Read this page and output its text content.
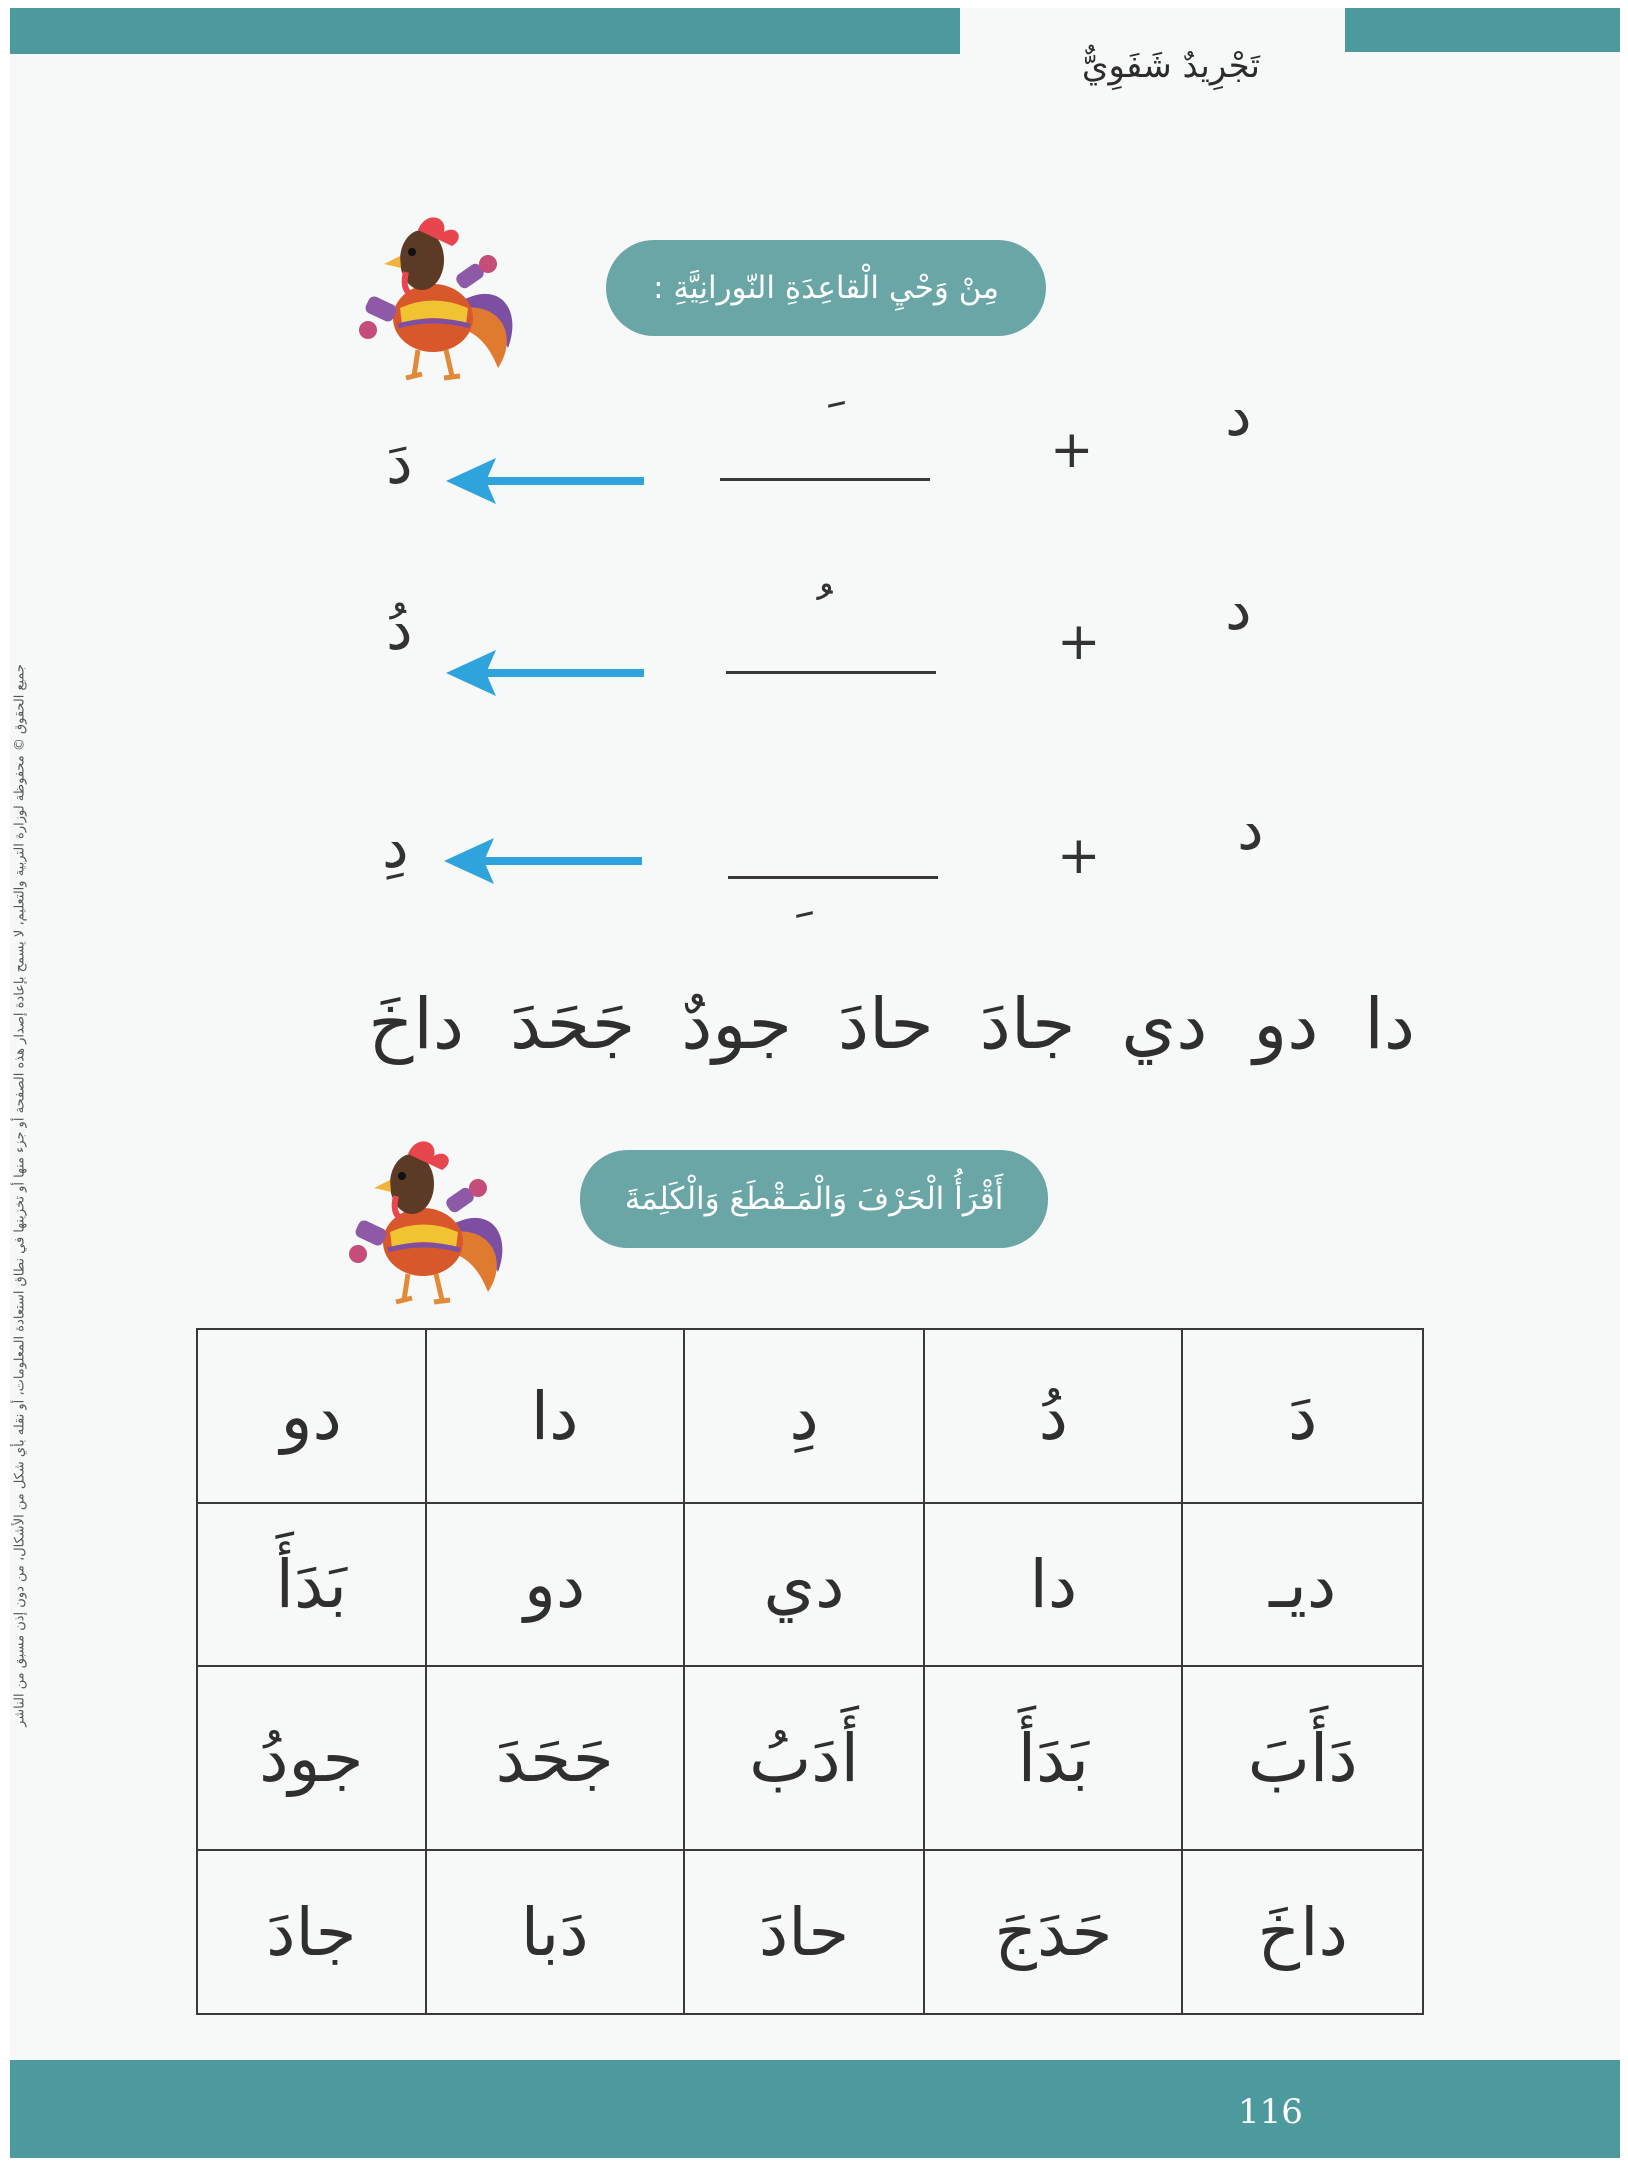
تَجْرِيدٌ شَفَوِيٌّ
جميع الحقوق © محفوظة لوزارة التربية والتعليم، لا يسمح بإعادة إصدار هذه الصفحة أو جزء منها أو تخزينها في نطاق استعادة المعلومات، أو نقله بأي شكل من الأشكال، من دون إذن مسبق من الناشر
مِنْ وَحْيِ الْقاعِدَةِ النّورانِيَّةِ :
د
+
دَ
د
+
دُ
د
+
دِ
دا
دو
دي
جادَ
حادَ
جودٌ
جَحَدَ
داخَ
أَقْرَأُ الْحَرْفَ وَالْمَـقْطَعَ وَالْكَلِمَةَ
دَ	دُ	دِ	دا	دو
ديـ	دا	دي	دو	بَدَأَ
دَأَبَ	بَدَأَ	أَدَبُ	جَحَدَ	جودُ
داخَ	حَدَجَ	حادَ	دَبا	جادَ
116
